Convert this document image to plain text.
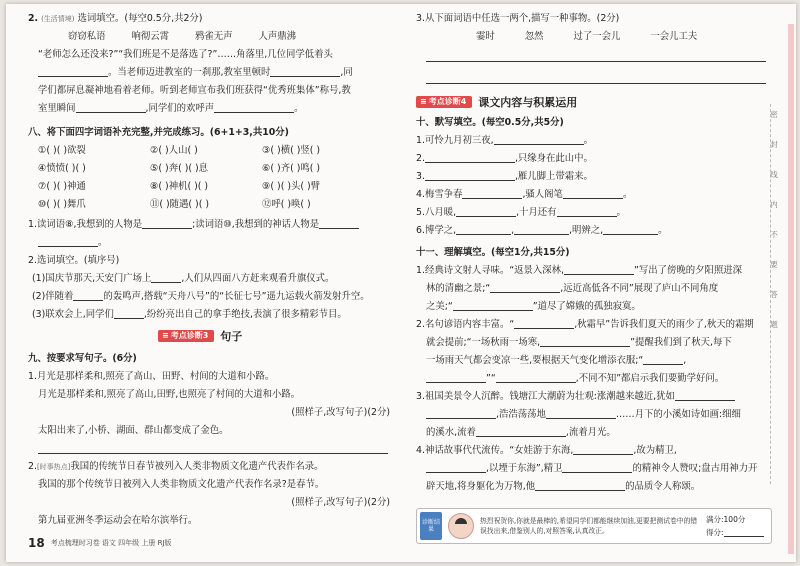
2. (生活情境) 选词填空。(每空0.5分,共2分)
窃窃私语	响彻云霄	鸦雀无声	人声鼎沸
“老师怎么还没来?”“我们班是不是落选了?”……角落里,几位同学低着头
。当老师迈进教室的一刹那,教室里顿时	,同
学们都屏息凝神地看着老师。听到老师宣布我们班获得“优秀班集体”称号,教
室里瞬间	,同学们的欢呼声	。
八、将下面四字词语补充完整,并完成练习。(6+1+3,共10分)
①( )( )欲裂	②( )人山( )	③( )横( )竖( )
④愤愤( )( )	⑤( )奔( )( )息	⑥( )齐( )鸣( )
⑦( )( )神通	⑧( )神机( )( )	⑨( )( )头( )臂
⑩( )( )舞爪	⑪( )随遇( )( )	⑫呼( )唤( )
1.读词语⑧,我想到的人物是	;读词语⑩,我想到的神话人物是
。
2.选词填空。(填序号)
(1)国庆节那天,天安门广场上	,人们从四面八方赶来观看升旗仪式。
(2)伴随着	的轰鸣声,搭载“天舟八号”的“长征七号”遥九运载火箭发射升空。
(3)联欢会上,同学们	,纷纷亮出自己的拿手绝技,表演了很多精彩节目。
≡ 考点诊断3	句子
九、按要求写句子。(6分)
1.月光是那样柔和,照亮了高山、田野、村间的大道和小路。
月光是那样柔和,照亮了高山,田野,也照亮了村间的大道和小路。
(照样子,改写句子)(2分)
太阳出来了,小桥、湖面、群山都变成了金色。
2.[时事热点]我国的传统节日春节被列入人类非物质文化遗产代表作名录。
我国的那个传统节日被列入人类非物质文化遗产代表作名录?是春节。
(照样子,改写句子)(2分)
第九届亚洲冬季运动会在哈尔滨举行。
18 考点梳理时习卷 语文 四年级 上册 RJ版
3.从下面词语中任选一两个,描写一种事物。(2分)
霎时	忽然	过了一会儿	一会儿工夫
≡ 考点诊断4	课文内容与积累运用
十、默写填空。(每空0.5分,共5分)
1.可怜九月初三夜,	。
2.	,只缘身在此山中。
3.	,雁儿脚上带霜来。
4.梅雪争春	,骚人阁笔	。
5.八月暖,	,十月还有	。
6.博学之,	,	,明辨之,	。
十一、理解填空。(每空1分,共15分)
1.经典诗文射人寻味。“返景入深林,	”写出了傍晚的夕阳照进深
林的清幽之景;“	,远近高低各不同”展现了庐山不同角度
之美;“	”道尽了嫦娥的孤独寂寞。
2.名句谚语内容丰富。“	,秋霜早”告诉我们夏天的雨少了,秋天的霜期
就会提前;“一场秋雨一场寒,	”提醒我们到了秋天,每下
一场雨天气都会变凉一些,要根据天气变化增添衣服;“	,
”“	,不同不知”都启示我们要勤学好问。
3.祖国美景令人沉醉。钱塘江大潮蔚为壮观:涨潮越来越近,犹如
,浩浩荡荡地	……月下的小溪如诗如画:细细
的溪水,流着	,流着月光。
4.神话故事代代流传。“女娃游于东海,	,故为精卫,
,以堙于东海”,精卫	的精神令人赞叹;盘古用神力开
辟天地,将身躯化为万物,他	的品质令人称颂。
诊断结果
热烈祝贺你,你就是最棒的,希望同学们都能继续加油,更要把测试卷中的错误找出来,借鉴别人的,对照答案,认真改正。
满分:100分
得分:
密
封
线
内
不
要
答
题
